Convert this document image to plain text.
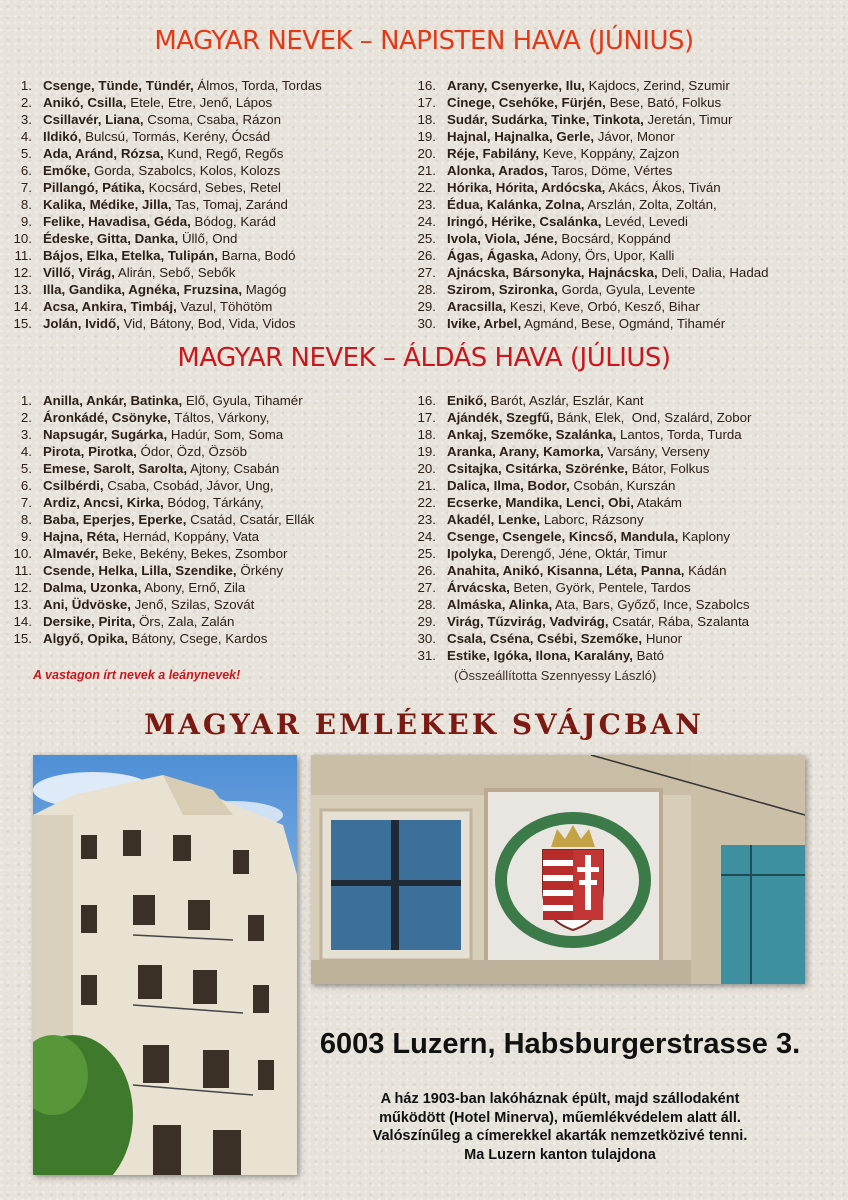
MAGYAR NEVEK – NAPISTEN HAVA (JÚNIUS)
1. Csenge, Tünde, Tündér, Álmos, Torda, Tordas
2. Anikó, Csilla, Etele, Etre, Jenő, Lápos
3. Csillavér, Liana, Csoma, Csaba, Rázon
4. Ildikó, Bulcsú, Tormás, Kerény, Ócsád
5. Ada, Aránd, Rózsa, Kund, Regő, Regős
6. Emőke, Gorda, Szabolcs, Kolos, Kolozs
7. Pillangó, Pátika, Kocsárd, Sebes, Retel
8. Kalika, Médike, Jilla, Tas, Tomaj, Zaránd
9. Felike, Havadisa, Géda, Bódog, Karád
10. Édeske, Gitta, Danka, Üllő, Ond
11. Bájos, Elka, Etelka, Tulipán, Barna, Bodó
12. Villő, Virág, Alirán, Sebő, Sebők
13. Illa, Gandika, Agnéka, Fruzsina, Magóg
14. Acsa, Ankira, Timbáj, Vazul, Töhötöm
15. Jolán, Ividő, Vid, Bátony, Bod, Vida, Vidos
16. Arany, Csenyerke, Ilu, Kajdocs, Zerind, Szumir
17. Cinege, Csehőke, Fürjén, Bese, Bató, Folkus
18. Sudár, Sudárka, Tinke, Tinkota, Jeretán, Timur
19. Hajnal, Hajnalka, Gerle, Jávor, Monor
20. Réje, Fabilány, Keve, Koppány, Zajzon
21. Alonka, Arados, Taros, Döme, Vértes
22. Hórika, Hórita, Ardócska, Akács, Ákos, Tiván
23. Édua, Kalánka, Zolna, Arszlán, Zolta, Zoltán,
24. Iringó, Hérike, Csalánka, Levéd, Levedi
25. Ivola, Viola, Jéne, Bocsárd, Koppánd
26. Ágas, Ágaska, Adony, Örs, Upor, Kalli
27. Ajnácska, Bársonyka, Hajnácska, Deli, Dalia, Hadad
28. Szirom, Szironka, Gorda, Gyula, Levente
29. Aracsilla, Keszi, Keve, Orbó, Kesző, Bihar
30. Ivike, Arbel, Agmánd, Bese, Ogmánd, Tihamér
MAGYAR NEVEK – ÁLDÁS HAVA (JÚLIUS)
1. Anilla, Ankár, Batinka, Elő, Gyula, Tihamér
2. Áronkádé, Csönyke, Táltos, Várkony,
3. Napsugár, Sugárka, Hadúr, Som, Soma
4. Pirota, Pirotka, Ódor, Özd, Özsöb
5. Emese, Sarolt, Sarolta, Ajtony, Csabán
6. Csilbérdi, Csaba, Csobád, Jávor, Ung,
7. Ardiz, Ancsi, Kirka, Bódog, Tárkány,
8. Baba, Eperjes, Eperke, Csatád, Csatár, Ellák
9. Hajna, Réta, Hernád, Koppány, Vata
10. Almavér, Beke, Bekény, Bekes, Zsombor
11. Csende, Helka, Lilla, Szendike, Örkény
12. Dalma, Uzonka, Abony, Ernő, Zila
13. Ani, Üdvöske, Jenő, Szilas, Szovát
14. Dersike, Pirita, Örs, Zala, Zalán
15. Algyő, Opika, Bátony, Csege, Kardos
16. Enikő, Barót, Aszlár, Eszlár, Kant
17. Ajándék, Szegfű, Bánk, Elek,  Ond, Szalárd, Zobor
18. Ankaj, Szemőke, Szalánka, Lantos, Torda, Turda
19. Aranka, Arany, Kamorka, Varsány, Verseny
20. Csitajka, Csitárka, Szörénke, Bátor, Folkus
21. Dalica, Ilma, Bodor, Csobán, Kurszán
22. Ecserke, Mandika, Lenci, Obi, Atakám
23. Akadél, Lenke, Laborc, Rázsony
24. Csenge, Csengele, Kincső, Mandula, Kaplony
25. Ipolyka, Derengő, Jéne, Oktár, Timur
26. Anahita, Anikó, Kisanna, Léta, Panna, Kádán
27. Árvácska, Beten, Györk, Pentele, Tardos
28. Almáska, Alinka, Ata, Bars, Győző, Ince, Szabolcs
29. Virág, Tűzvirág, Vadvirág, Csatár, Rába, Szalanta
30. Csala, Cséna, Csébi, Szemőke, Hunor
31. Estike, Igóka, Ilona, Karalány, Bató
A vastagon írt nevek a leánynevek!	(Összeállította Szennyessy László)
MAGYAR EMLÉKEK SVÁJCBAN
6003 Luzern, Habsburgerstrasse 3.
A ház 1903-ban lakóháznak épült, majd szállodaként
működött (Hotel Minerva), műemlékvédelem alatt áll.
Valószínűleg a címerekkel akarták nemzetközivé tenni.
Ma Luzern kanton tulajdona
